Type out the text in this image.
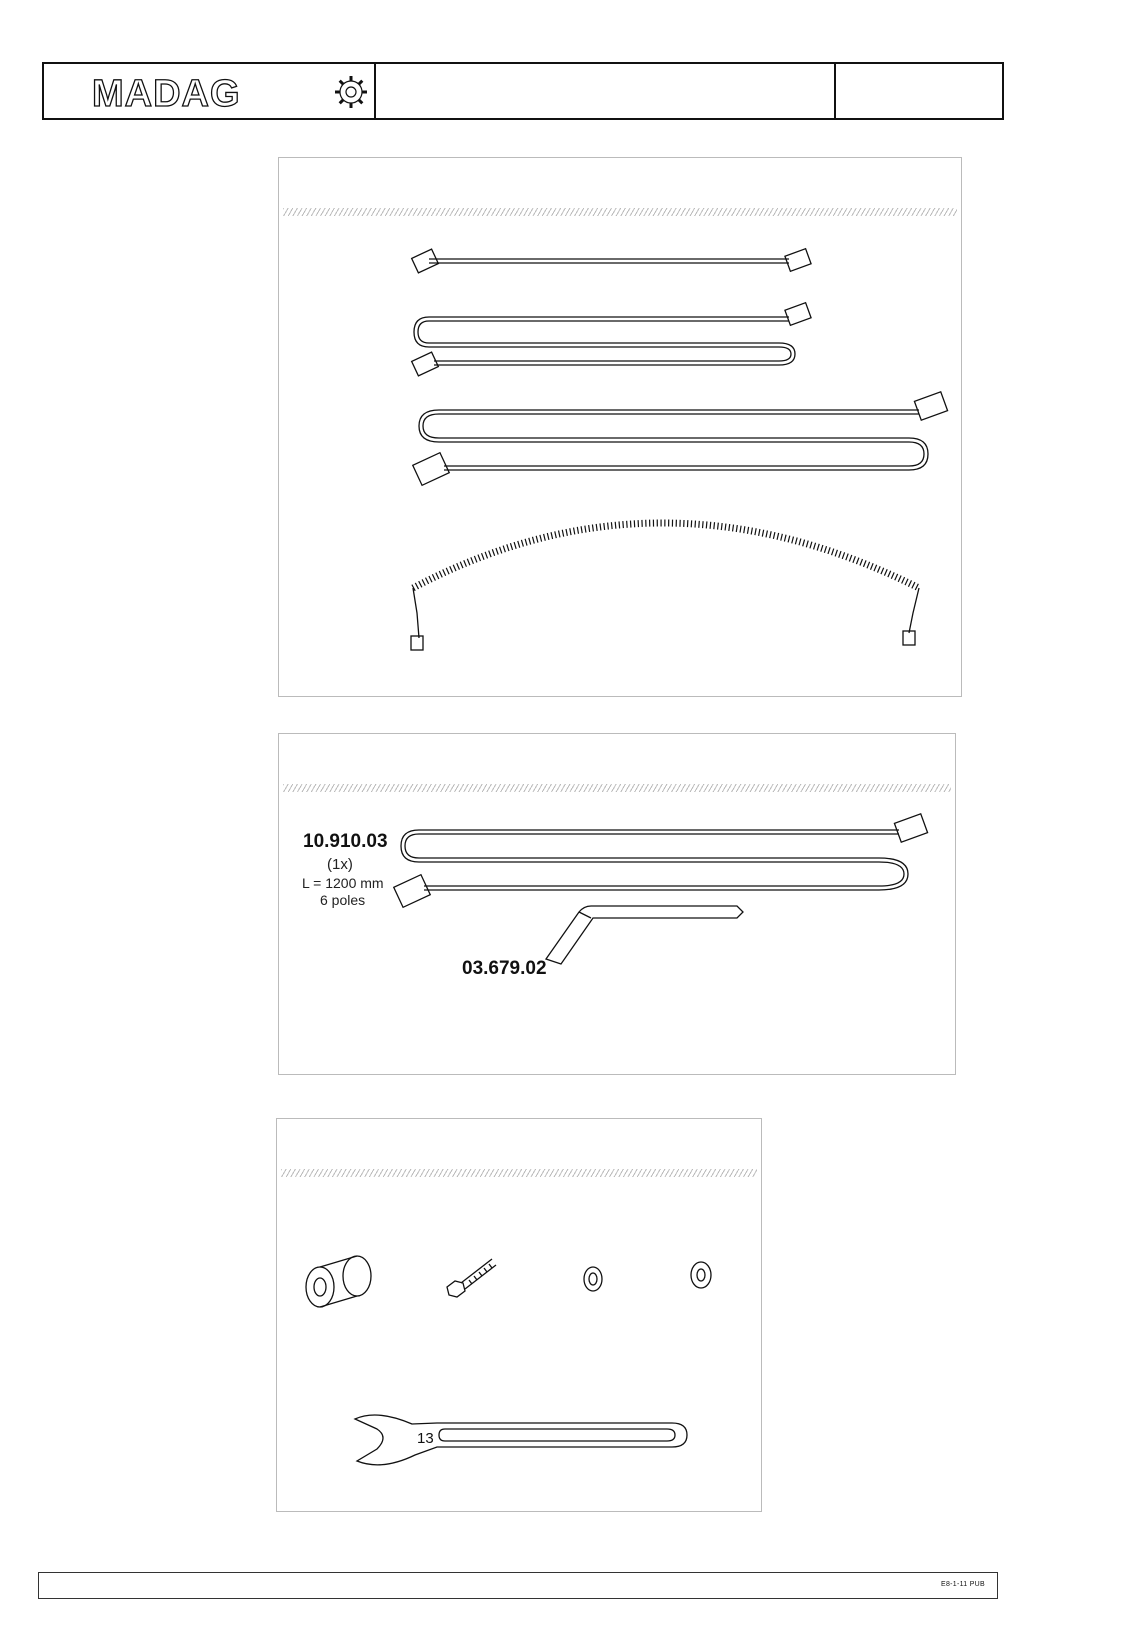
MADAG
10.910.03
(1x)
L = 1200 mm
6 poles
03.679.02
13
E8-1-11 PUB
